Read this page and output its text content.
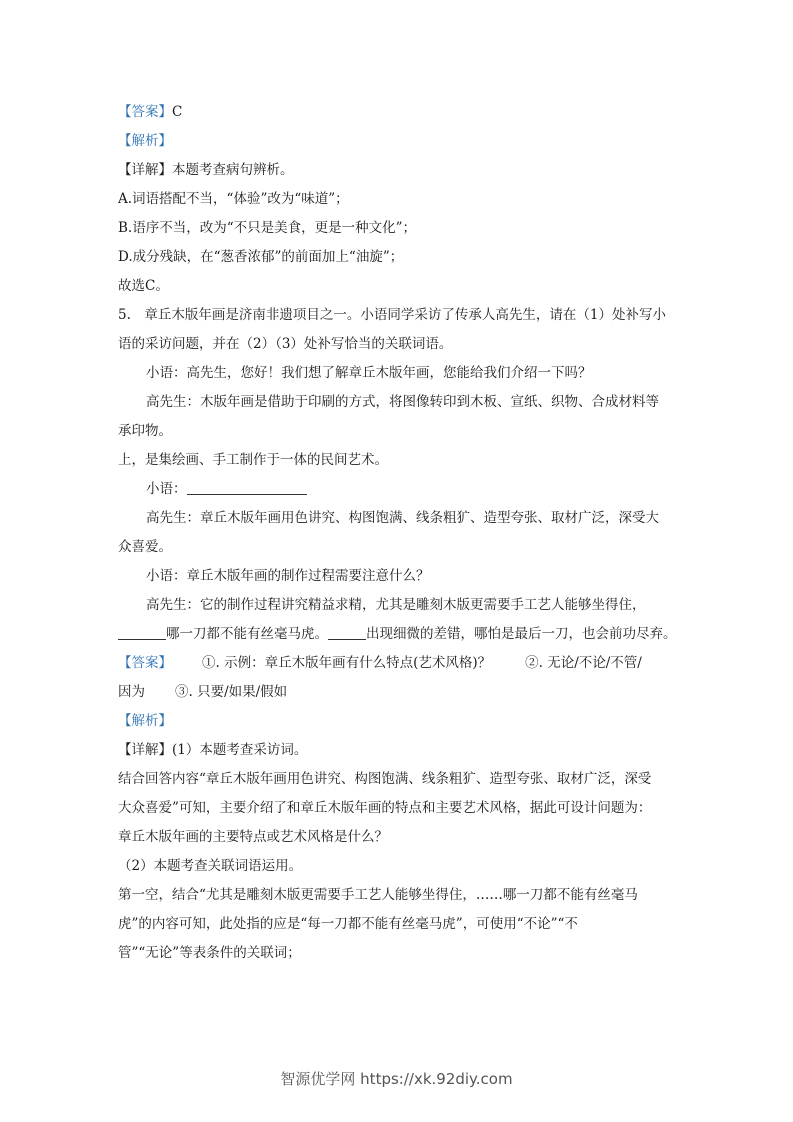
【答案】C
【解析】
【详解】本题考查病句辨析。
A.词语搭配不当，“体验”改为“味道”；
B.语序不当，改为“不只是美食，更是一种文化”；
D.成分残缺，在“葱香浓郁”的前面加上“油旋”；
故选C。
5.　章丘木版年画是济南非遗项目之一。小语同学采访了传承人高先生，请在（1）处补写小
语的采访问题，并在（2）（3）处补写恰当的关联词语。
小语：高先生，您好！我们想了解章丘木版年画，您能给我们介绍一下吗？
高先生：木版年画是借助于印刷的方式，将图像转印到木板、宣纸、织物、合成材料等
承印物。
上，是集绘画、手工制作于一体的民间艺术。
小语：
高先生：章丘木版年画用色讲究、构图饱满、线条粗犷、造型夸张、取材广泛，深受大
众喜爱。
小语：章丘木版年画的制作过程需要注意什么？
高先生：它的制作过程讲究精益求精，尤其是雕刻木版更需要手工艺人能够坐得住，
哪一刀都不能有丝毫马虎。	出现细微的差错，哪怕是最后一刀，也会前功尽弃。
【答案】 ①. 示例：章丘木版年画有什么特点(艺术风格)？	②. 无论/不论/不管/
因为 ③. 只要/如果/假如
【解析】
【详解】(1）本题考查采访词。
结合回答内容“章丘木版年画用色讲究、构图饱满、线条粗犷、造型夸张、取材广泛，深受
大众喜爱”可知，主要介绍了和章丘木版年画的特点和主要艺术风格，据此可设计问题为：
章丘木版年画的主要特点或艺术风格是什么？
（2）本题考查关联词语运用。
第一空，结合“尤其是雕刻木版更需要手工艺人能够坐得住，……哪一刀都不能有丝毫马
虎”的内容可知，此处指的应是“每一刀都不能有丝毫马虎”，可使用“不论”“不
管”“无论”等表条件的关联词；
智源优学网 https://xk.92diy.com
